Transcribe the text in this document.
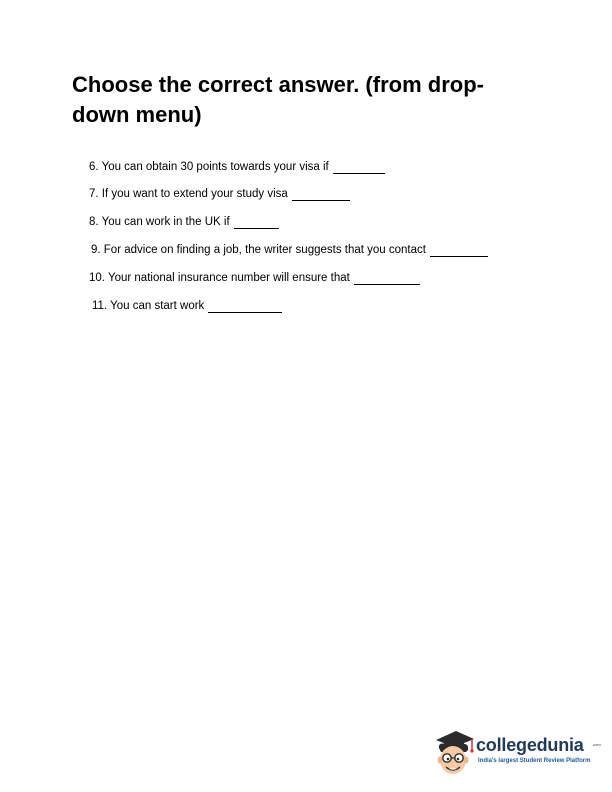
Choose the correct answer. (from drop-down menu)
6. You can obtain 30 points towards your visa if
7. If you want to extend your study visa
8. You can work in the UK if
9. For advice on finding a job, the writer suggests that you contact
10. Your national insurance number will ensure that
11. You can start work
collegedunia .com
India's largest Student Review Platform
